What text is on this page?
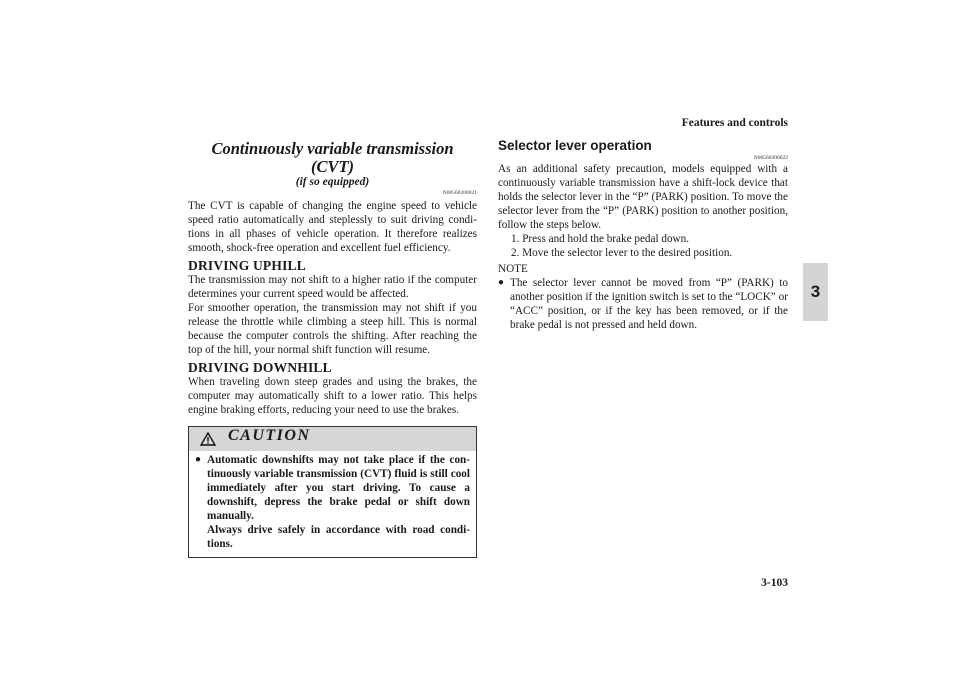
Features and controls
3
3-103

Continuously variable transmission (CVT)

(if so equipped)

N00560200021

The CVT is capable of changing the engine speed to vehicle speed ratio automatically and steplessly to suit driving condi-tions in all phases of vehicle operation. It therefore realizes smooth, shock-free operation and excellent fuel efficiency.

DRIVING UPHILL

The transmission may not shift to a higher ratio if the computer determines your current speed would be affected.

For smoother operation, the transmission may not shift if you release the throttle while climbing a steep hill. This is normal because the computer controls the shifting. After reaching the top of the hill, your normal shift function will resume.

DRIVING DOWNHILL

When traveling down steep grades and using the brakes, the computer may automatically shift to a lower ratio. This helps engine braking efforts, reducing your need to use the brakes.

CAUTION
● Automatic downshifts may not take place if the con-tinuously variable transmission (CVT) fluid is still cool immediately after you start driving. To cause a downshift, depress the brake pedal or shift down manually.
Always drive safely in accordance with road condi-tions.

Selector lever operation

N00560300022

As an additional safety precaution, models equipped with a continuously variable transmission have a shift-lock device that holds the selector lever in the “P” (PARK) position. To move the selector lever from the “P” (PARK) position to another position, follow the steps below.

1. Press and hold the brake pedal down.

2. Move the selector lever to the desired position.

NOTE

● The selector lever cannot be moved from “P” (PARK) to another position if the ignition switch is set to the “LOCK” or “ACC” position, or if the key has been removed, or if the brake pedal is not pressed and held down.
